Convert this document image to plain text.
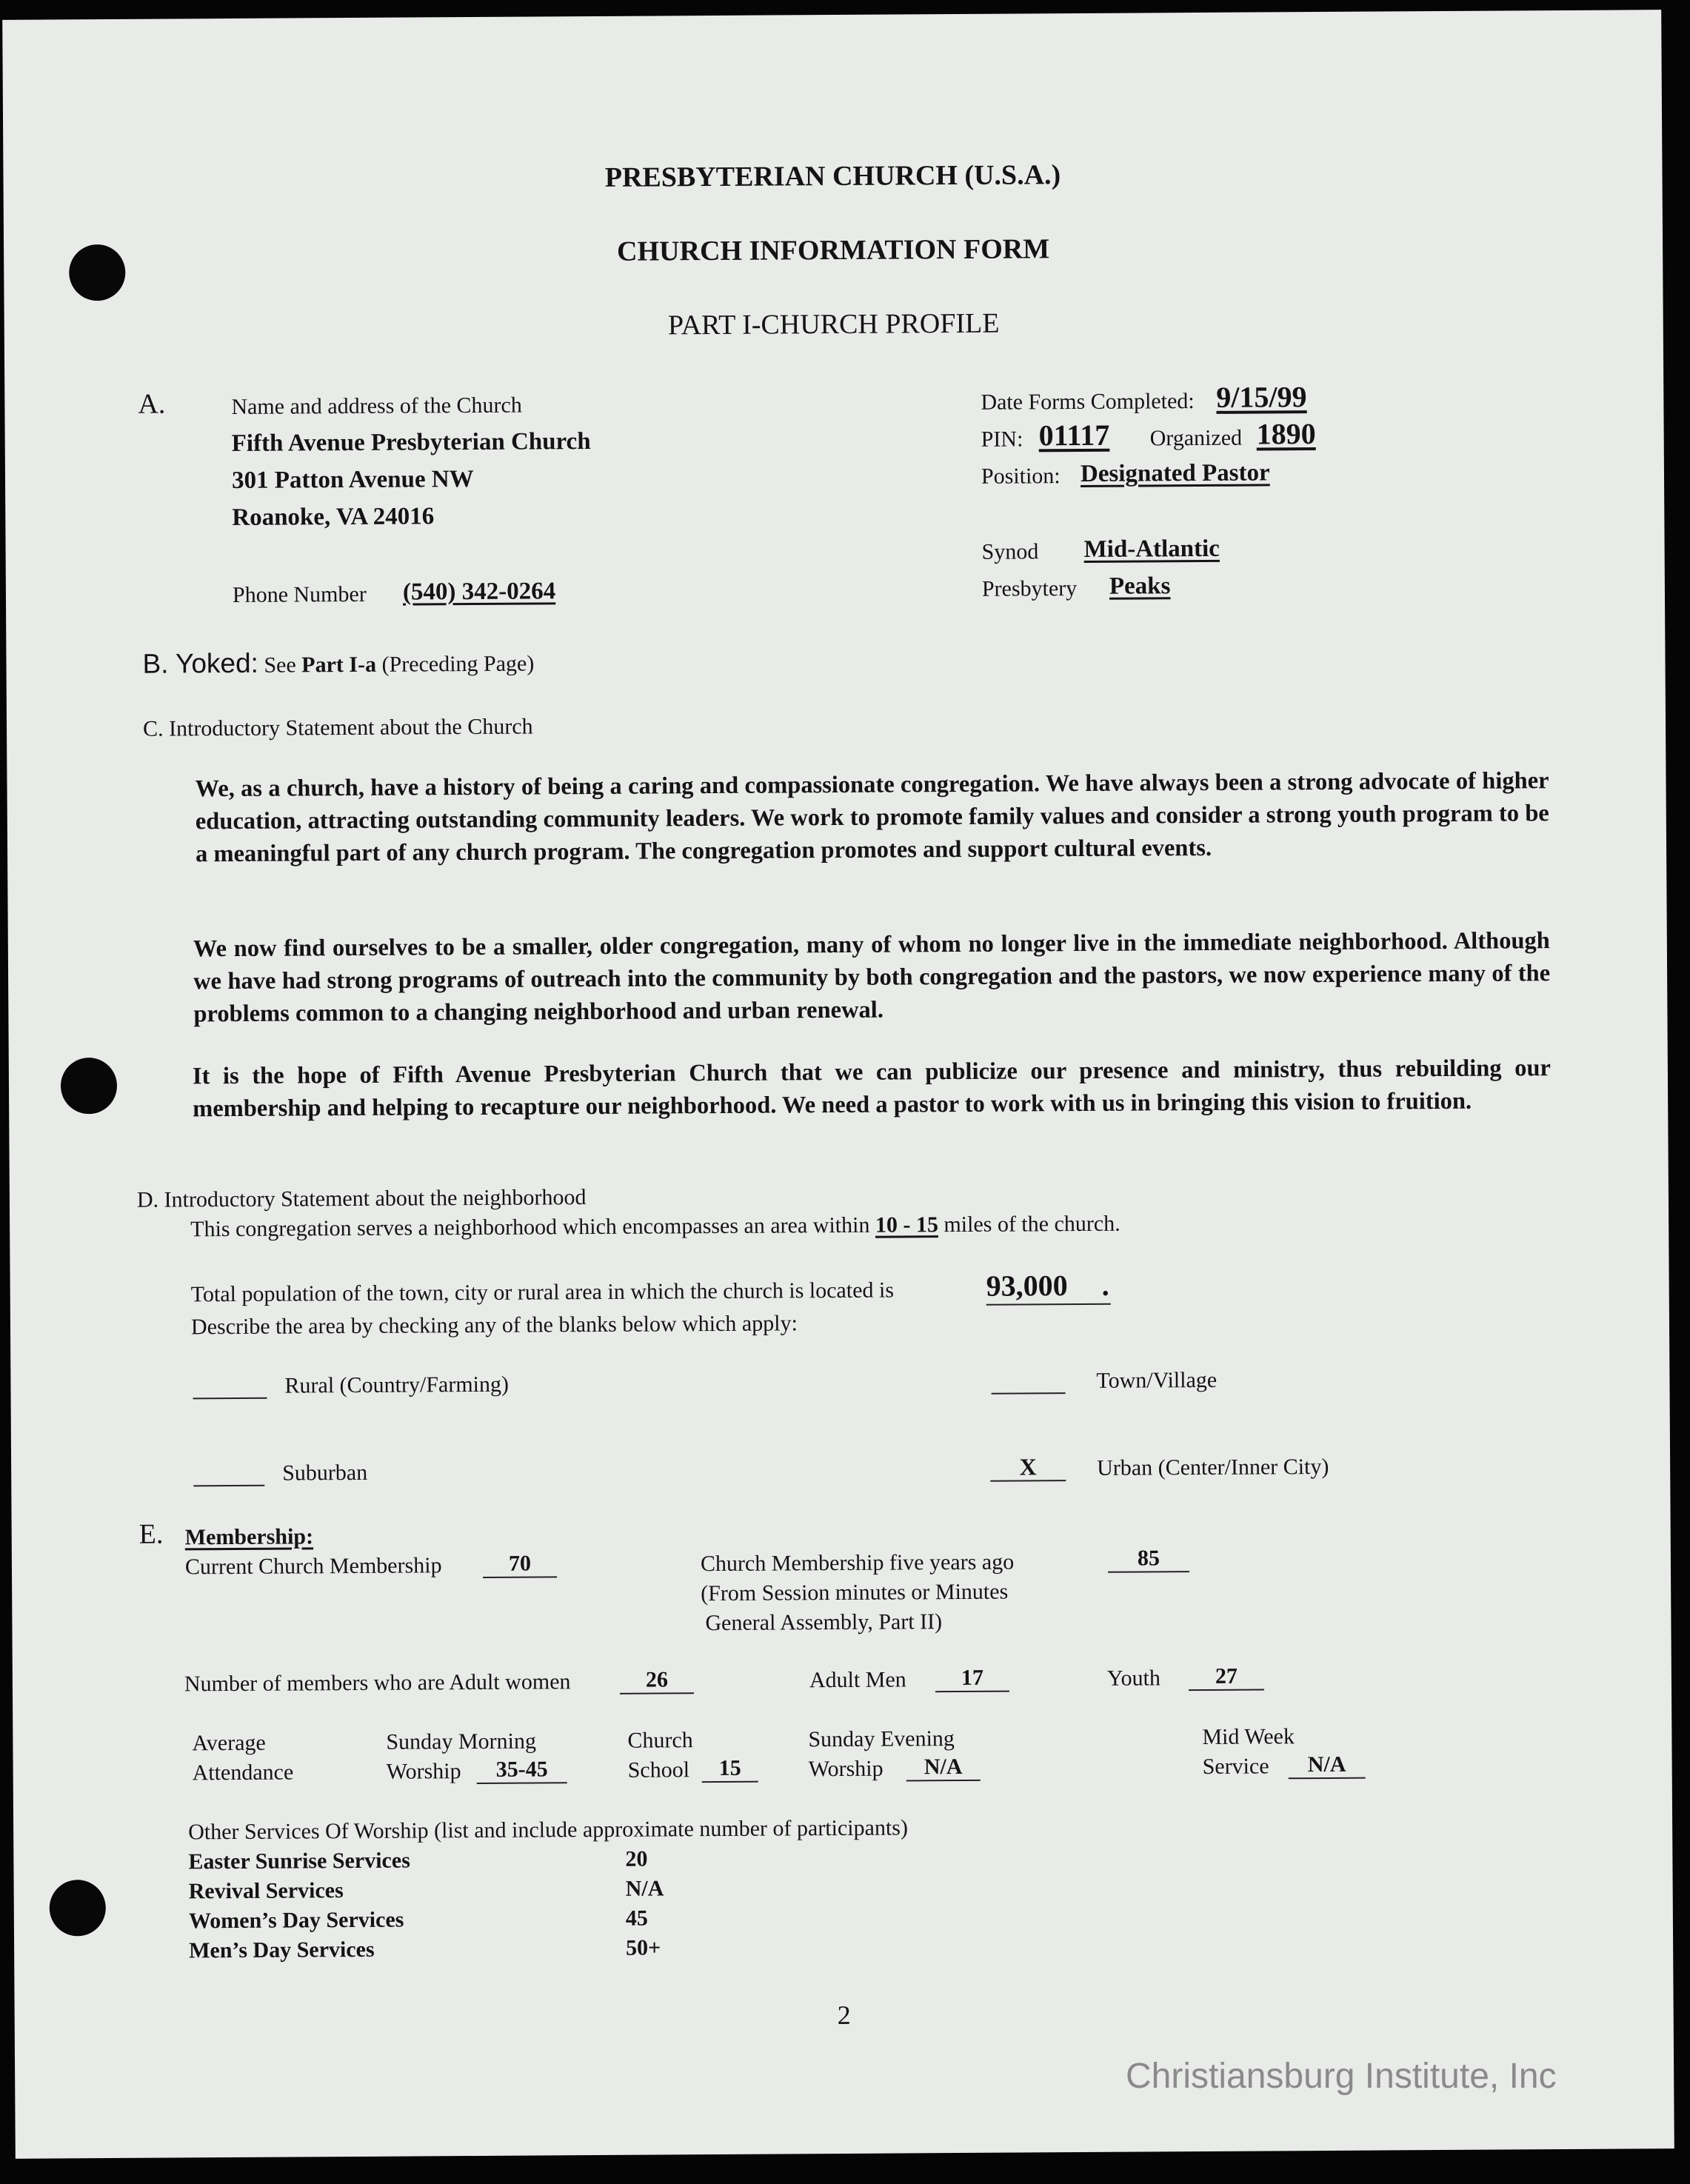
PRESBYTERIAN CHURCH (U.S.A.)
CHURCH INFORMATION FORM
PART I-CHURCH PROFILE
A.	Name and address of the Church
Fifth Avenue Presbyterian Church
301 Patton Avenue NW
Roanoke, VA 24016
Phone Number (540) 342-0264
Date Forms Completed: 9/15/99
PIN: 01117 Organized 1890
Position: Designated Pastor
Synod Mid-Atlantic
Presbytery Peaks
B. Yoked: See Part I-a (Preceding Page)
C. Introductory Statement about the Church
We, as a church, have a history of being a caring and compassionate congregation. We have always been a strong advocate of higher education, attracting outstanding community leaders. We work to promote family values and consider a strong youth program to be a meaningful part of any church program. The congregation promotes and support cultural events.
We now find ourselves to be a smaller, older congregation, many of whom no longer live in the immediate neighborhood. Although we have had strong programs of outreach into the community by both congregation and the pastors, we now experience many of the problems common to a changing neighborhood and urban renewal.
It is the hope of Fifth Avenue Presbyterian Church that we can publicize our presence and ministry, thus rebuilding our membership and helping to recapture our neighborhood. We need a pastor to work with us in bringing this vision to fruition.
D. Introductory Statement about the neighborhood
This congregation serves a neighborhood which encompasses an area within 10 - 15 miles of the church.
Total population of the town, city or rural area in which the church is located is	93,000 .
Describe the area by checking any of the blanks below which apply:
Rural (Country/Farming)	Town/Village
Suburban	X	Urban (Center/Inner City)
E. Membership:
Current Church Membership	70	Church Membership five years ago
(From Session minutes or Minutes
General Assembly, Part II)
85
Number of members who are Adult women	26	Adult Men	17	Youth	27
Average
Attendance
Sunday Morning
Worship	35-45
Church
School	15
Sunday Evening
Worship	N/A
Mid Week
Service	N/A
Other Services Of Worship (list and include approximate number of participants)
Easter Sunrise Services	20
Revival Services	N/A
Women’s Day Services	45
Men’s Day Services	50+
2
Christiansburg Institute, Inc
